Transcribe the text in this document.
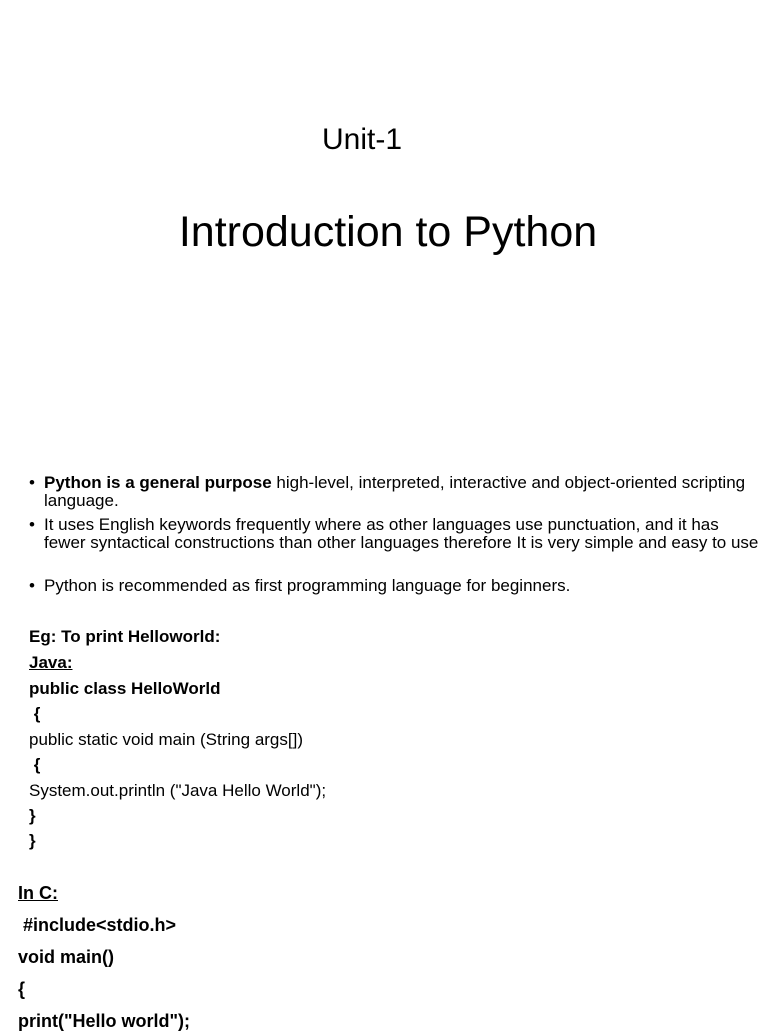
Unit-1
Introduction to Python
• Python is a general purpose high-level, interpreted, interactive and object-oriented scripting language.
• It uses English keywords frequently where as other languages use punctuation, and it has fewer syntactical constructions than other languages therefore It is very simple and easy to use
• Python is recommended as first programming language for beginners.
Eg: To print Helloworld:
Java:
public class HelloWorld
{
public static void main (String args[])
{
System.out.println ("Java Hello World");
}
}
In C:
#include<stdio.h>
void main()
{
print("Hello world");
